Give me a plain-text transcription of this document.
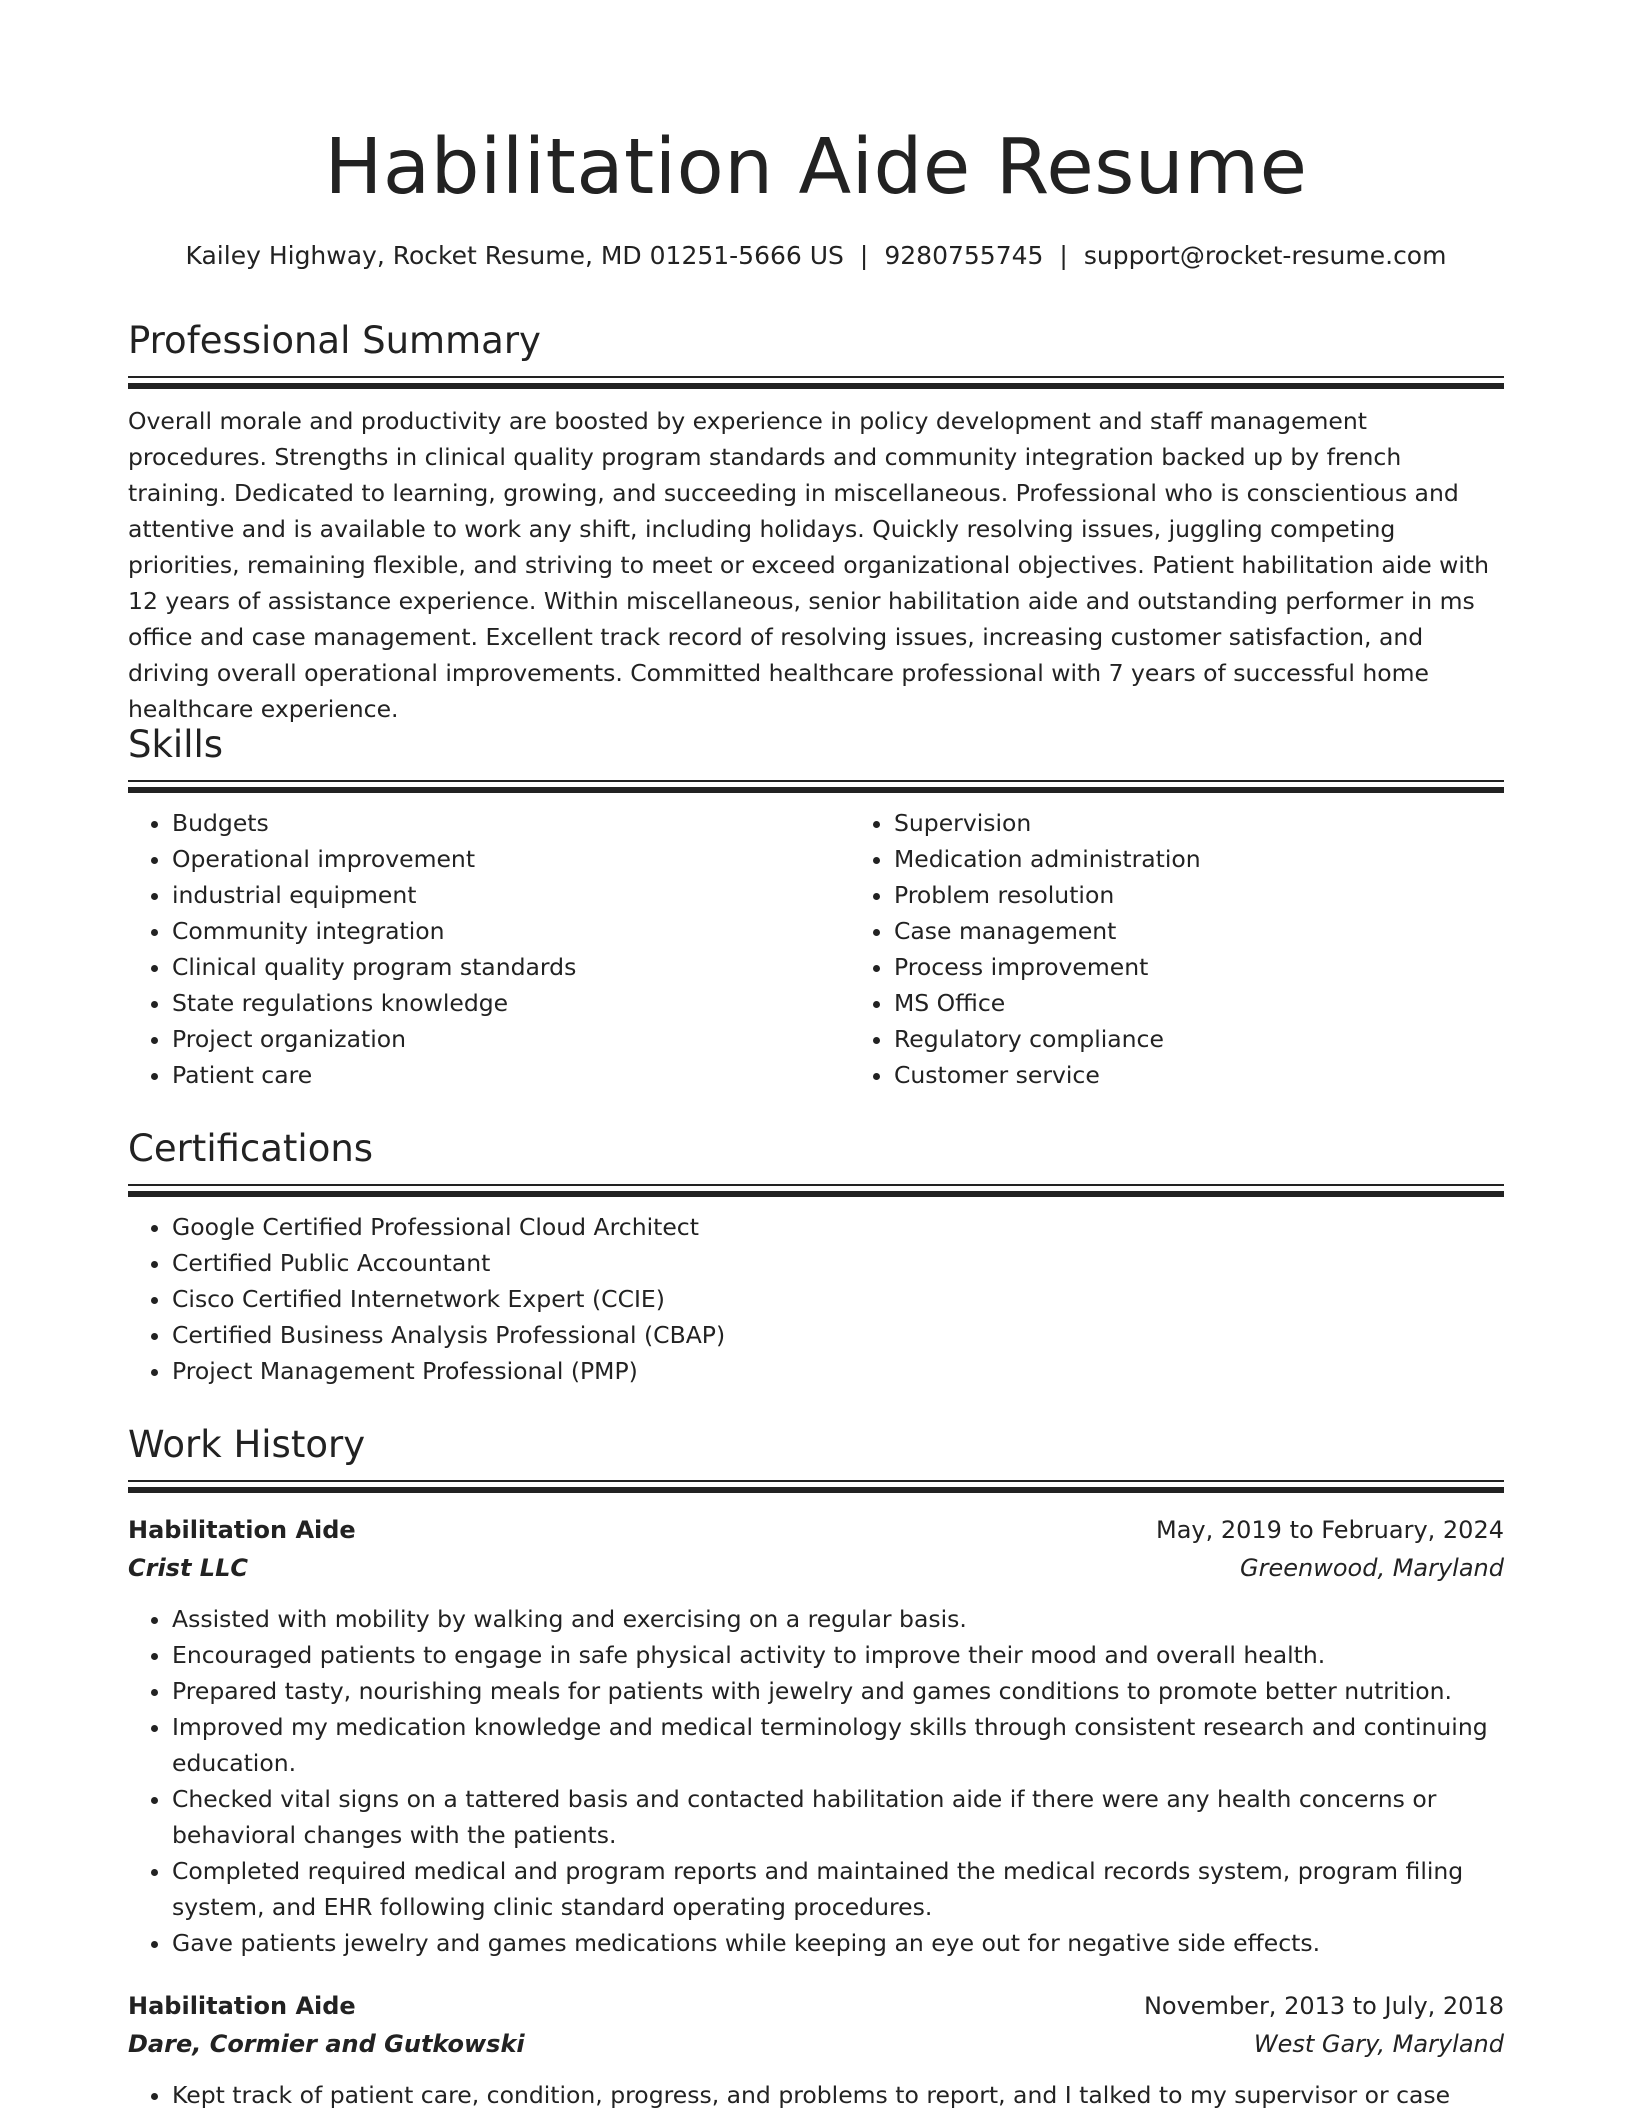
Habilitation Aide Resume
Kailey Highway, Rocket Resume, MD 01251-5666 US | 9280755745 | support@rocket-resume.com
Professional Summary

Overall morale and productivity are boosted by experience in policy development and staff management procedures. Strengths in clinical quality program standards and community integration backed up by french training. Dedicated to learning, growing, and succeeding in miscellaneous. Professional who is conscientious and attentive and is available to work any shift, including holidays. Quickly resolving issues, juggling competing priorities, remaining flexible, and striving to meet or exceed organizational objectives. Patient habilitation aide with 12 years of assistance experience. Within miscellaneous, senior habilitation aide and outstanding performer in ms office and case management. Excellent track record of resolving issues, increasing customer satisfaction, and driving overall operational improvements. Committed healthcare professional with 7 years of successful home healthcare experience.

Skills
• Budgets
• Operational improvement
• industrial equipment
• Community integration
• Clinical quality program standards
• State regulations knowledge
• Project organization
• Patient care
• Supervision
• Medication administration
• Problem resolution
• Case management
• Process improvement
• MS Office
• Regulatory compliance
• Customer service
Certifications
• Google Certified Professional Cloud Architect
• Certified Public Accountant
• Cisco Certified Internetwork Expert (CCIE)
• Certified Business Analysis Professional (CBAP)
• Project Management Professional (PMP)
Work History
Habilitation Aide	May, 2019 to February, 2024
Crist LLC	Greenwood, Maryland
• Assisted with mobility by walking and exercising on a regular basis.
• Encouraged patients to engage in safe physical activity to improve their mood and overall health.
• Prepared tasty, nourishing meals for patients with jewelry and games conditions to promote better nutrition.
• Improved my medication knowledge and medical terminology skills through consistent research and continuing education.
• Checked vital signs on a tattered basis and contacted habilitation aide if there were any health concerns or behavioral changes with the patients.
• Completed required medical and program reports and maintained the medical records system, program filing system, and EHR following clinic standard operating procedures.
• Gave patients jewelry and games medications while keeping an eye out for negative side effects.
Habilitation Aide	November, 2013 to July, 2018
Dare, Cormier and Gutkowski	West Gary, Maryland
• Kept track of patient care, condition, progress, and problems to report, and I talked to my supervisor or case
